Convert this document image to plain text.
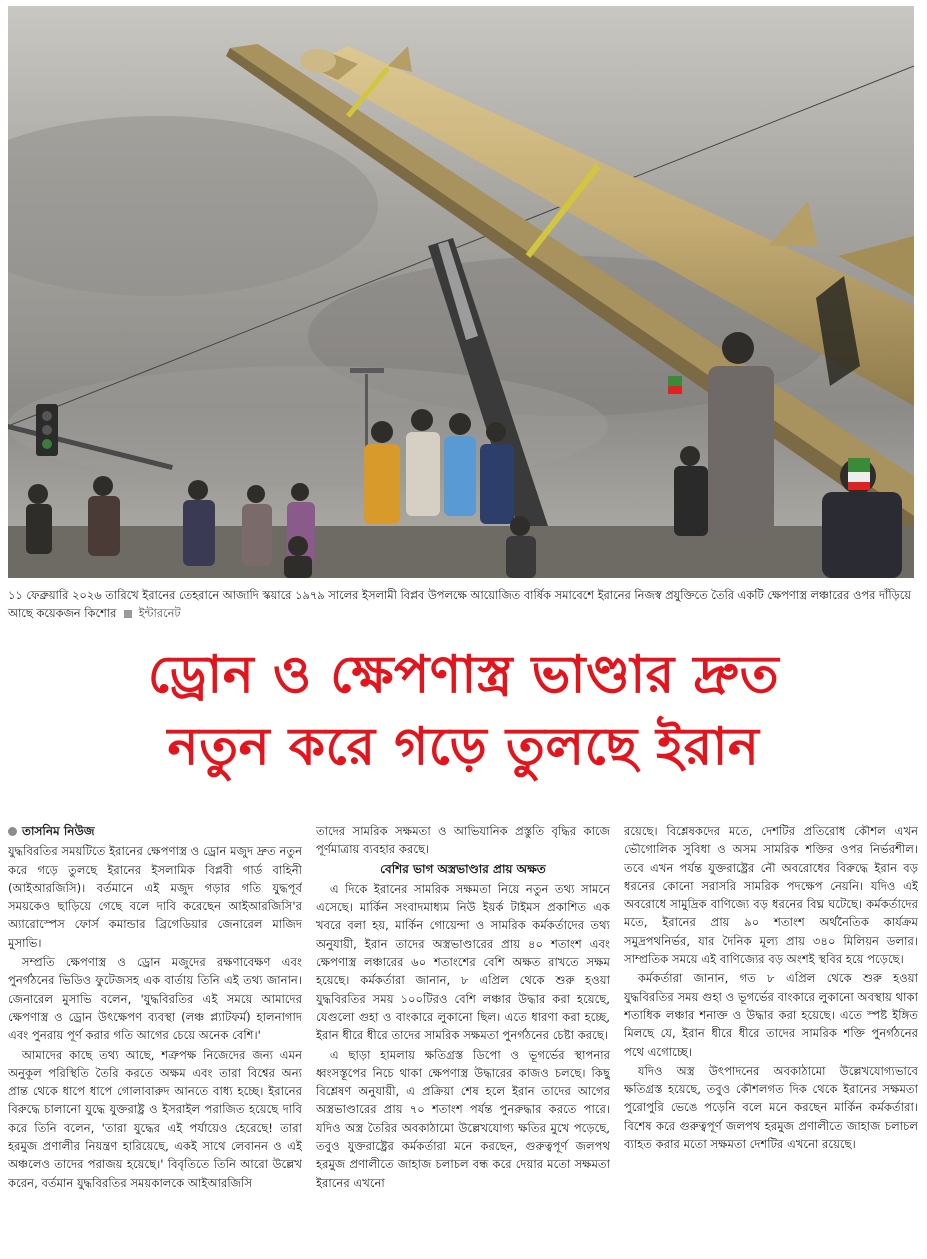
১১ ফেব্রুয়ারি ২০২৬ তারিখে ইরানের তেহরানে আজাদি স্কয়ারে ১৯৭৯ সালের ইসলামী বিপ্লব উপলক্ষে আয়োজিত বার্ষিক সমাবেশে ইরানের নিজস্ব প্রযুক্তিতে তৈরি একটি ক্ষেপণাস্ত্র লঞ্চারের ওপর দাঁড়িয়ে আছে কয়েকজন কিশোর ইন্টারনেট
ড্রোন ও ক্ষেপণাস্ত্র ভাণ্ডার দ্রুত
নতুন করে গড়ে তুলছে ইরান
তাসনিম নিউজ

যুদ্ধবিরতির সময়টিতে ইরানের ক্ষেপণাস্ত্র ও ড্রোন মজুদ দ্রুত নতুন করে গড়ে তুলছে ইরানের ইসলামিক বিপ্লবী গার্ড বাহিনী (আইআরজিসি)। বর্তমানে এই মজুদ গড়ার গতি যুদ্ধপূর্ব সময়কেও ছাড়িয়ে গেছে বলে দাবি করেছেন আইআরজিসি'র অ্যারোস্পেস ফোর্স কমান্ডার ব্রিগেডিয়ার জেনারেল মাজিদ মুসাভি।

সম্প্রতি ক্ষেপণাস্ত্র ও ড্রোন মজুদের রক্ষণাবেক্ষণ এবং পুনর্গঠনের ভিডিও ফুটেজসহ এক বার্তায় তিনি এই তথ্য জানান। জেনারেল মুসাভি বলেন, 'যুদ্ধবিরতির এই সময়ে আমাদের ক্ষেপণাস্ত্র ও ড্রোন উৎক্ষেপণ ব্যবস্থা (লঞ্চ প্ল্যাটফর্ম) হালনাগাদ এবং পুনরায় পূর্ণ করার গতি আগের চেয়ে অনেক বেশি।'

আমাদের কাছে তথ্য আছে, শত্রুপক্ষ নিজেদের জন্য এমন অনুকূল পরিস্থিতি তৈরি করতে অক্ষম এবং তারা বিশ্বের অন্য প্রান্ত থেকে ধাপে ধাপে গোলাবারুদ আনতে বাধ্য হচ্ছে। ইরানের বিরুদ্ধে চালানো যুদ্ধে যুক্তরাষ্ট্র ও ইসরাইল পরাজিত হয়েছে দাবি করে তিনি বলেন, 'তারা যুদ্ধের এই পর্যায়েও হেরেছে! তারা হরমুজ প্রণালীর নিয়ন্ত্রণ হারিয়েছে, একই সাথে লেবানন ও এই অঞ্চলেও তাদের পরাজয় হয়েছে।' বিবৃতিতে তিনি আরো উল্লেখ করেন, বর্তমান যুদ্ধবিরতির সময়কালকে আইআরজিসি

তাদের সামরিক সক্ষমতা ও আভিযানিক প্রস্তুতি বৃদ্ধির কাজে পূর্ণমাত্রায় ব্যবহার করছে।

বেশির ভাগ অস্ত্রভাণ্ডার প্রায় অক্ষত

এ দিকে ইরানের সামরিক সক্ষমতা নিয়ে নতুন তথ্য সামনে এসেছে। মার্কিন সংবাদমাধ্যম নিউ ইয়র্ক টাইমস প্রকাশিত এক খবরে বলা হয়, মার্কিন গোয়েন্দা ও সামরিক কর্মকর্তাদের তথ্য অনুযায়ী, ইরান তাদের অস্ত্রভাণ্ডারের প্রায় ৪০ শতাংশ এবং ক্ষেপণাস্ত্র লঞ্চারের ৬০ শতাংশের বেশি অক্ষত রাখতে সক্ষম হয়েছে। কর্মকর্তারা জানান, ৮ এপ্রিল থেকে শুরু হওয়া যুদ্ধবিরতির সময় ১০০টিরও বেশি লঞ্চার উদ্ধার করা হয়েছে, যেগুলো গুহা ও বাংকারে লুকানো ছিল। এতে ধারণা করা হচ্ছে, ইরান ধীরে ধীরে তাদের সামরিক সক্ষমতা পুনর্গঠনের চেষ্টা করছে।

এ ছাড়া হামলায় ক্ষতিগ্রস্ত ডিপো ও ভূগর্ভের স্থাপনার ধ্বংসস্তূপের নিচে থাকা ক্ষেপণাস্ত্র উদ্ধারের কাজও চলছে। কিছু বিশ্লেষণ অনুযায়ী, এ প্রক্রিয়া শেষ হলে ইরান তাদের আগের অস্ত্রভাণ্ডারের প্রায় ৭০ শতাংশ পর্যন্ত পুনরুদ্ধার করতে পারে। যদিও অস্ত্র তৈরির অবকাঠামো উল্লেখযোগ্য ক্ষতির মুখে পড়েছে, তবুও যুক্তরাষ্ট্রের কর্মকর্তারা মনে করছেন, গুরুত্বপূর্ণ জলপথ হরমুজ প্রণালীতে জাহাজ চলাচল বন্ধ করে দেয়ার মতো সক্ষমতা ইরানের এখনো

রয়েছে। বিশ্লেষকদের মতে, দেশটির প্রতিরোধ কৌশল এখন ভৌগোলিক সুবিধা ও অসম সামরিক শক্তির ওপর নির্ভরশীল। তবে এখন পর্যন্ত যুক্তরাষ্ট্রের নৌ অবরোধের বিরুদ্ধে ইরান বড় ধরনের কোনো সরাসরি সামরিক পদক্ষেপ নেয়নি। যদিও এই অবরোধে সামুদ্রিক বাণিজ্যে বড় ধরনের বিঘ্ন ঘটেছে। কর্মকর্তাদের মতে, ইরানের প্রায় ৯০ শতাংশ অর্থনৈতিক কার্যক্রম সমুদ্রপথনির্ভর, যার দৈনিক মূল্য প্রায় ৩৪০ মিলিয়ন ডলার। সাম্প্রতিক সময়ে এই বাণিজ্যের বড় অংশই স্থবির হয়ে পড়েছে।

কর্মকর্তারা জানান, গত ৮ এপ্রিল থেকে শুরু হওয়া যুদ্ধবিরতির সময় গুহা ও ভূগর্ভের বাংকারে লুকানো অবস্থায় থাকা শতাধিক লঞ্চার শনাক্ত ও উদ্ধার করা হয়েছে। এতে স্পষ্ট ইঙ্গিত মিলছে যে, ইরান ধীরে ধীরে তাদের সামরিক শক্তি পুনর্গঠনের পথে এগোচ্ছে।

যদিও অস্ত্র উৎপাদনের অবকাঠামো উল্লেখযোগ্যভাবে ক্ষতিগ্রস্ত হয়েছে, তবুও কৌশলগত দিক থেকে ইরানের সক্ষমতা পুরোপুরি ভেঙে পড়েনি বলে মনে করছেন মার্কিন কর্মকর্তারা। বিশেষ করে গুরুত্বপূর্ণ জলপথ হরমুজ প্রণালীতে জাহাজ চলাচল ব্যাহত করার মতো সক্ষমতা দেশটির এখনো রয়েছে।
